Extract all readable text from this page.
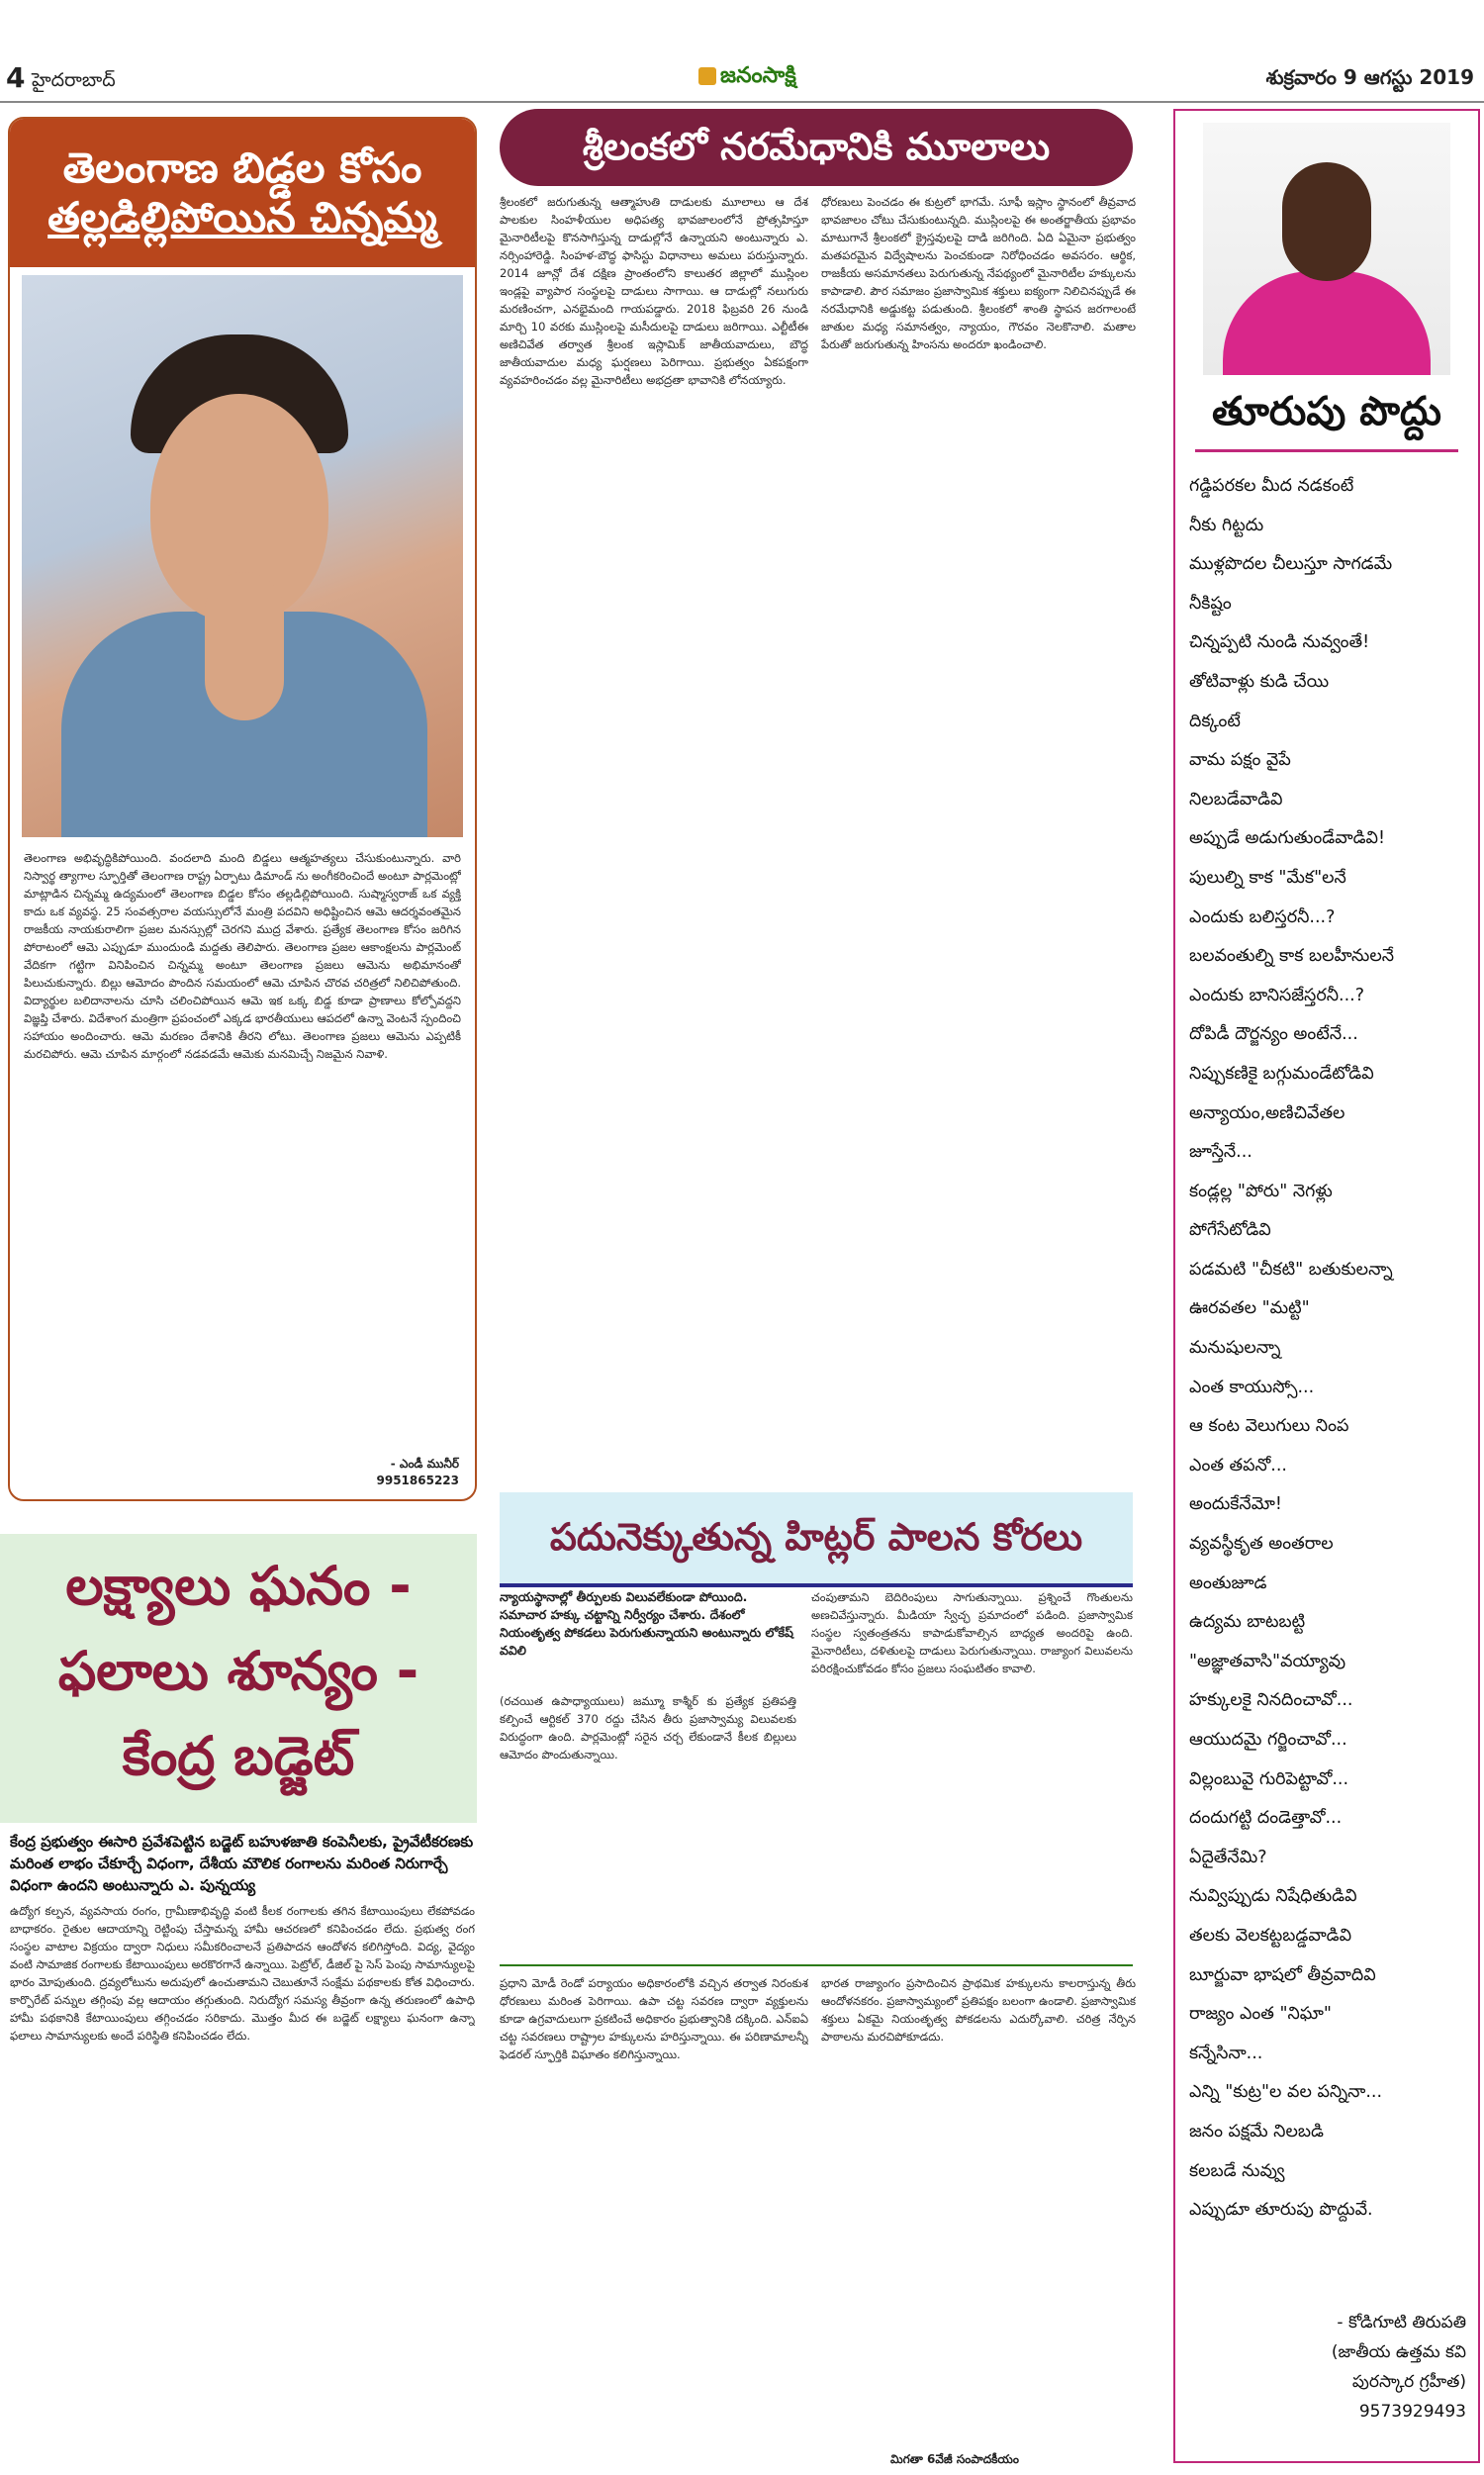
4 హైదరాబాద్	జనంసాక్షి	శుక్రవారం 9 ఆగస్టు 2019
తెలంగాణ బిడ్డల కోసం
తల్లడిల్లిపోయిన చిన్నమ్మ
తెలంగాణ అభివృద్ధికిపోయింది. వందలాది మంది బిడ్డలు ఆత్మహత్యలు చేసుకుంటున్నారు. వారి నిస్వార్థ త్యాగాల స్ఫూర్తితో తెలంగాణ రాష్ట్ర ఏర్పాటు డిమాండ్ ను అంగీకరించిందే అంటూ పార్లమెంట్లో మాట్లాడిన చిన్నమ్మ ఉద్యమంలో తెలంగాణ బిడ్డల కోసం తల్లడిల్లిపోయింది. సుష్మాస్వరాజ్ ఒక వ్యక్తి కాదు ఒక వ్యవస్థ. 25 సంవత్సరాల వయస్సులోనే మంత్రి పదవిని అధిష్టించిన ఆమె ఆదర్శవంతమైన రాజకీయ నాయకురాలిగా ప్రజల మనస్సుల్లో చెరగని ముద్ర వేశారు. ప్రత్యేక తెలంగాణ కోసం జరిగిన పోరాటంలో ఆమె ఎప్పుడూ ముందుండి మద్దతు తెలిపారు. తెలంగాణ ప్రజల ఆకాంక్షలను పార్లమెంట్ వేదికగా గట్టిగా వినిపించిన చిన్నమ్మ అంటూ తెలంగాణ ప్రజలు ఆమెను అభిమానంతో పిలుచుకున్నారు. బిల్లు ఆమోదం పొందిన సమయంలో ఆమె చూపిన చొరవ చరిత్రలో నిలిచిపోతుంది. విద్యార్థుల బలిదానాలను చూసి చలించిపోయిన ఆమె ఇక ఒక్క బిడ్డ కూడా ప్రాణాలు కోల్పోవద్దని విజ్ఞప్తి చేశారు. విదేశాంగ మంత్రిగా ప్రపంచంలో ఎక్కడ భారతీయులు ఆపదలో ఉన్నా వెంటనే స్పందించి సహాయం అందించారు. ఆమె మరణం దేశానికి తీరని లోటు. తెలంగాణ ప్రజలు ఆమెను ఎప్పటికీ మరచిపోరు. ఆమె చూపిన మార్గంలో నడవడమే ఆమెకు మనమిచ్చే నిజమైన నివాళి.
- ఎండీ మునీర్
9951865223
శ్రీలంకలో నరమేధానికి మూలాలు
శ్రీలంకలో జరుగుతున్న ఆత్మాహుతి దాడులకు మూలాలు ఆ దేశ పాలకుల సింహళీయుల అధిపత్య భావజాలంలోనే ప్రోత్సహిస్తూ మైనారిటీలపై కొనసాగిస్తున్న దాడుల్లోనే ఉన్నాయని అంటున్నారు ఎ. నర్సింహారెడ్డి. సింహళ-బౌద్ధ ఫాసిస్టు విధానాలు అమలు పరుస్తున్నారు. 2014 జూన్లో దేశ దక్షిణ ప్రాంతంలోని కాలుతర జిల్లాలో ముస్లింల ఇండ్లపై వ్యాపార సంస్థలపై దాడులు సాగాయి. ఆ దాడుల్లో నలుగురు మరణించగా, ఎనభైమంది గాయపడ్డారు. 2018 ఫిబ్రవరి 26 నుండి మార్చి 10 వరకు ముస్లింలపై మసీదులపై దాడులు జరిగాయి. ఎల్టీటీఈ అణిచివేత తర్వాత శ్రీలంక ఇస్లామిక్ జాతీయవాదులు, బౌద్ధ జాతీయవాదుల మధ్య ఘర్షణలు పెరిగాయి. ప్రభుత్వం ఏకపక్షంగా వ్యవహరించడం వల్ల మైనారిటీలు అభద్రతా భావానికి లోనయ్యారు.
ధోరణులు పెంచడం ఈ కుట్రలో భాగమే. సూఫీ ఇస్లాం స్థానంలో తీవ్రవాద భావజాలం చోటు చేసుకుంటున్నది. ముస్లింలపై ఈ అంతర్జాతీయ ప్రభావం మాటుగానే శ్రీలంకలో క్రైస్తవులపై దాడి జరిగింది. ఏది ఏమైనా ప్రభుత్వం మతపరమైన విద్వేషాలను పెంచకుండా నిరోధించడం అవసరం. ఆర్థిక, రాజకీయ అసమానతలు పెరుగుతున్న నేపథ్యంలో మైనారిటీల హక్కులను కాపాడాలి. పౌర సమాజం ప్రజాస్వామిక శక్తులు ఐక్యంగా నిలిచినప్పుడే ఈ నరమేధానికి అడ్డుకట్ట పడుతుంది. శ్రీలంకలో శాంతి స్థాపన జరగాలంటే జాతుల మధ్య సమానత్వం, న్యాయం, గౌరవం నెలకొనాలి. మతాల పేరుతో జరుగుతున్న హింసను అందరూ ఖండించాలి.
తూరుపు పొద్దు
గడ్డిపరకల మీద నడకంటే
నీకు గిట్టదు
ముళ్లపొదల చీలుస్తూ సాగడమే
నీకిష్టం
చిన్నప్పటి నుండి నువ్వంతే!
తోటివాళ్లు కుడి చేయి
దిక్కంటే
వామ పక్షం వైపే
నిలబడేవాడివి
అప్పుడే అడుగుతుండేవాడివి!
పులుల్ని కాక "మేక"లనే
ఎందుకు బలిస్తరనీ...?
బలవంతుల్ని కాక బలహీనులనే
ఎందుకు బానిసజేస్తరనీ...?
దోపిడీ దౌర్జన్యం అంటేనే...
నిప్పుకణికై బగ్గుమండేటోడివి
అన్యాయం,అణిచివేతల
జూస్తేనే...
కండ్లల్ల "పోరు" నెగళ్లు
పోగేసేటోడివి
పడమటి "చీకటి" బతుకులన్నా
ఊరవతల "మట్టి"
మనుషులన్నా
ఎంత కాయుస్సో...
ఆ కంట వెలుగులు నింప
ఎంత తపనో...
అందుకేనేమో!
వ్యవస్థీకృత అంతరాల
అంతుజూడ
ఉద్యమ బాటబట్టి
"అజ్ఞాతవాసి"వయ్యావు
హక్కులకై నినదించావో...
ఆయుదమై గర్జించావో...
విల్లంబువై గురిపెట్టావో...
దందుగట్టి దండెత్తావో...
ఏదైతేనేమి?
నువ్విప్పుడు నిషేధితుడివి
తలకు వెలకట్టబడ్డవాడివి
బూర్జువా భాషలో తీవ్రవాదివి
రాజ్యం ఎంత "నిఘా"
కన్నేసినా...
ఎన్ని "కుట్ర"ల వల పన్నినా...
జనం పక్షమే నిలబడి
కలబడే నువ్వు
ఎప్పుడూ తూరుపు పొద్దువే.
- కోడిగూటి తిరుపతి
(జాతీయ ఉత్తమ కవి
పురస్కార గ్రహీత)
9573929493
లక్ష్యాలు ఘనం -
ఫలాలు శూన్యం -
కేంద్ర బడ్జెట్
కేంద్ర ప్రభుత్వం ఈసారి ప్రవేశపెట్టిన బడ్జెట్ బహుళజాతి కంపెనీలకు, ప్రైవేటీకరణకు మరింత లాభం చేకూర్చే విధంగా, దేశీయ మౌలిక రంగాలను మరింత నిరుగార్చే విధంగా ఉందని అంటున్నారు ఎ. పున్నయ్య
ఉద్యోగ కల్పన, వ్యవసాయ రంగం, గ్రామీణాభివృద్ధి వంటి కీలక రంగాలకు తగిన కేటాయింపులు లేకపోవడం బాధాకరం. రైతుల ఆదాయాన్ని రెట్టింపు చేస్తామన్న హామీ ఆచరణలో కనిపించడం లేదు. ప్రభుత్వ రంగ సంస్థల వాటాల విక్రయం ద్వారా నిధులు సమీకరించాలనే ప్రతిపాదన ఆందోళన కలిగిస్తోంది. విద్య, వైద్యం వంటి సామాజిక రంగాలకు కేటాయింపులు అరకొరగానే ఉన్నాయి. పెట్రోల్, డీజిల్ పై సెస్ పెంపు సామాన్యులపై భారం మోపుతుంది. ద్రవ్యలోటును అదుపులో ఉంచుతామని చెబుతూనే సంక్షేమ పథకాలకు కోత విధించారు. కార్పొరేట్ పన్నుల తగ్గింపు వల్ల ఆదాయం తగ్గుతుంది. నిరుద్యోగ సమస్య తీవ్రంగా ఉన్న తరుణంలో ఉపాధి హామీ పథకానికి కేటాయింపులు తగ్గించడం సరికాదు. మొత్తం మీద ఈ బడ్జెట్ లక్ష్యాలు ఘనంగా ఉన్నా ఫలాలు సామాన్యులకు అందే పరిస్థితి కనిపించడం లేదు.
పదునెక్కుతున్న హిట్లర్ పాలన కోరలు
న్యాయస్థానాల్లో తీర్పులకు విలువలేకుండా పోయింది. సమాచార హక్కు చట్టాన్ని నిర్వీర్యం చేశారు. దేశంలో నియంతృత్వ పోకడలు పెరుగుతున్నాయని అంటున్నారు లోకేష్ వవిలి
(రచయిత ఉపాధ్యాయులు) జమ్మూ కాశ్మీర్ కు ప్రత్యేక ప్రతిపత్తి కల్పించే ఆర్టికల్ 370 రద్దు చేసిన తీరు ప్రజాస్వామ్య విలువలకు విరుద్ధంగా ఉంది. పార్లమెంట్లో సరైన చర్చ లేకుండానే కీలక బిల్లులు ఆమోదం పొందుతున్నాయి.
చంపుతామని బెదిరింపులు సాగుతున్నాయి. ప్రశ్నించే గొంతులను అణచివేస్తున్నారు. మీడియా స్వేచ్ఛ ప్రమాదంలో పడింది. ప్రజాస్వామిక సంస్థల స్వతంత్రతను కాపాడుకోవాల్సిన బాధ్యత అందరిపై ఉంది. మైనారిటీలు, దళితులపై దాడులు పెరుగుతున్నాయి. రాజ్యాంగ విలువలను పరిరక్షించుకోవడం కోసం ప్రజలు సంఘటితం కావాలి.
ప్రధాని మోడీ రెండో పర్యాయం అధికారంలోకి వచ్చిన తర్వాత నిరంకుశ ధోరణులు మరింత పెరిగాయి. ఉపా చట్ట సవరణ ద్వారా వ్యక్తులను కూడా ఉగ్రవాదులుగా ప్రకటించే అధికారం ప్రభుత్వానికి దక్కింది. ఎన్ఐఏ చట్ట సవరణలు రాష్ట్రాల హక్కులను హరిస్తున్నాయి. ఈ పరిణామాలన్నీ ఫెడరల్ స్ఫూర్తికి విఘాతం కలిగిస్తున్నాయి.
భారత రాజ్యాంగం ప్రసాదించిన ప్రాథమిక హక్కులను కాలరాస్తున్న తీరు ఆందోళనకరం. ప్రజాస్వామ్యంలో ప్రతిపక్షం బలంగా ఉండాలి. ప్రజాస్వామిక శక్తులు ఏకమై నియంతృత్వ పోకడలను ఎదుర్కోవాలి. చరిత్ర నేర్పిన పాఠాలను మరచిపోకూడదు.
మిగతా 6వేజీ సంపాదకీయం
